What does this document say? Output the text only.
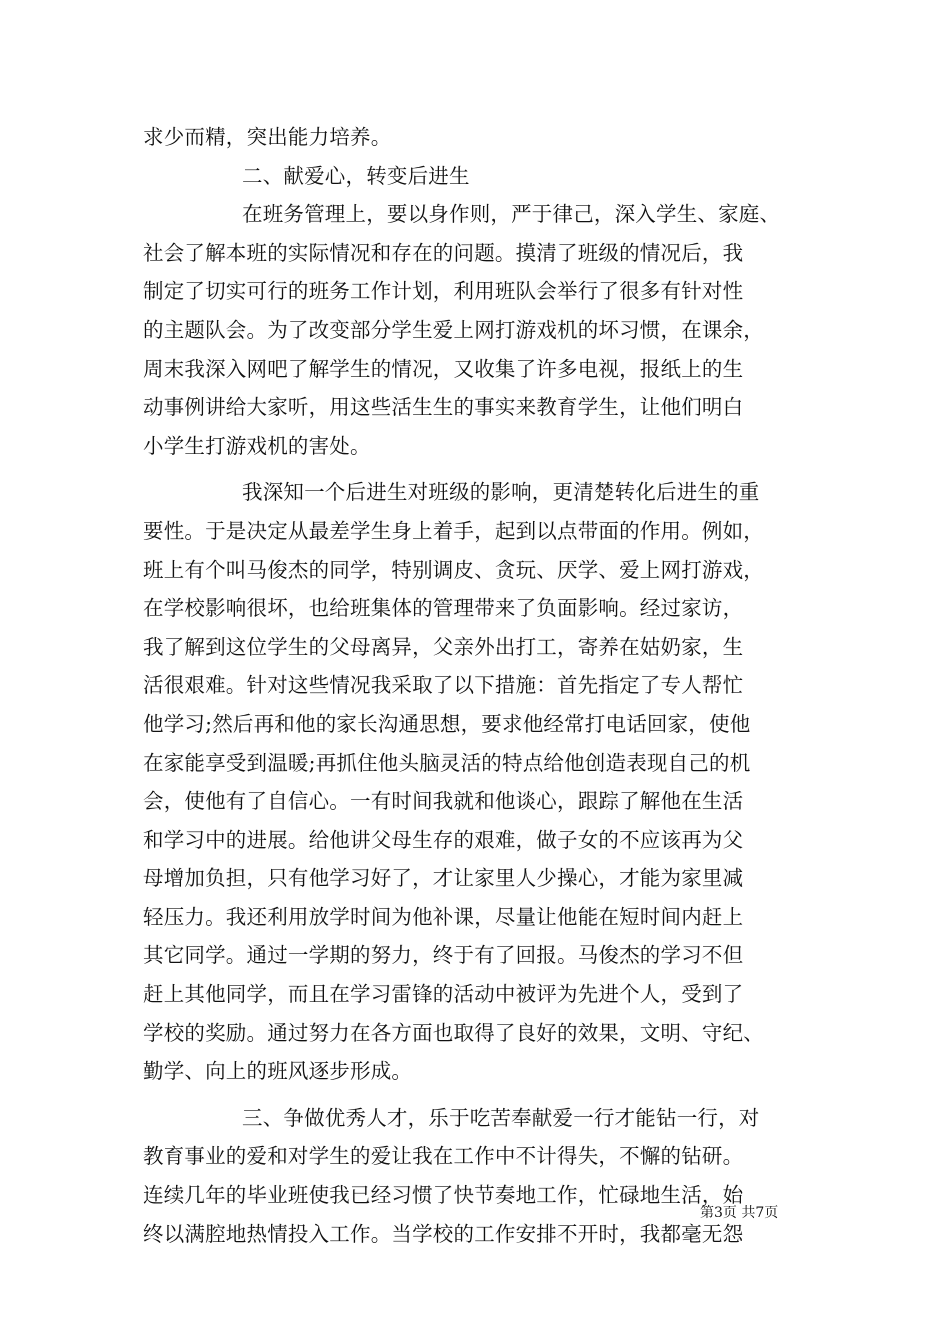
求少而精，突出能力培养。
二、献爱心，转变后进生
在班务管理上，要以身作则，严于律己，深入学生、家庭、
社会了解本班的实际情况和存在的问题。摸清了班级的情况后，我
制定了切实可行的班务工作计划，利用班队会举行了很多有针对性
的主题队会。为了改变部分学生爱上网打游戏机的坏习惯，在课余，
周末我深入网吧了解学生的情况，又收集了许多电视，报纸上的生
动事例讲给大家听，用这些活生生的事实来教育学生，让他们明白
小学生打游戏机的害处。
我深知一个后进生对班级的影响，更清楚转化后进生的重
要性。于是决定从最差学生身上着手，起到以点带面的作用。例如，
班上有个叫马俊杰的同学，特别调皮、贪玩、厌学、爱上网打游戏，
在学校影响很坏，也给班集体的管理带来了负面影响。经过家访，
我了解到这位学生的父母离异，父亲外出打工，寄养在姑奶家，生
活很艰难。针对这些情况我采取了以下措施：首先指定了专人帮忙
他学习;然后再和他的家长沟通思想，要求他经常打电话回家，使他
在家能享受到温暖;再抓住他头脑灵活的特点给他创造表现自己的机
会，使他有了自信心。一有时间我就和他谈心，跟踪了解他在生活
和学习中的进展。给他讲父母生存的艰难，做子女的不应该再为父
母增加负担，只有他学习好了，才让家里人少操心，才能为家里减
轻压力。我还利用放学时间为他补课，尽量让他能在短时间内赶上
其它同学。通过一学期的努力，终于有了回报。马俊杰的学习不但
赶上其他同学，而且在学习雷锋的活动中被评为先进个人，受到了
学校的奖励。通过努力在各方面也取得了良好的效果，文明、守纪、
勤学、向上的班风逐步形成。
三、争做优秀人才，乐于吃苦奉献爱一行才能钻一行，对
教育事业的爱和对学生的爱让我在工作中不计得失，不懈的钻研。
连续几年的毕业班使我已经习惯了快节奏地工作，忙碌地生活，始
终以满腔地热情投入工作。当学校的工作安排不开时，我都毫无怨
第3页 共7页
